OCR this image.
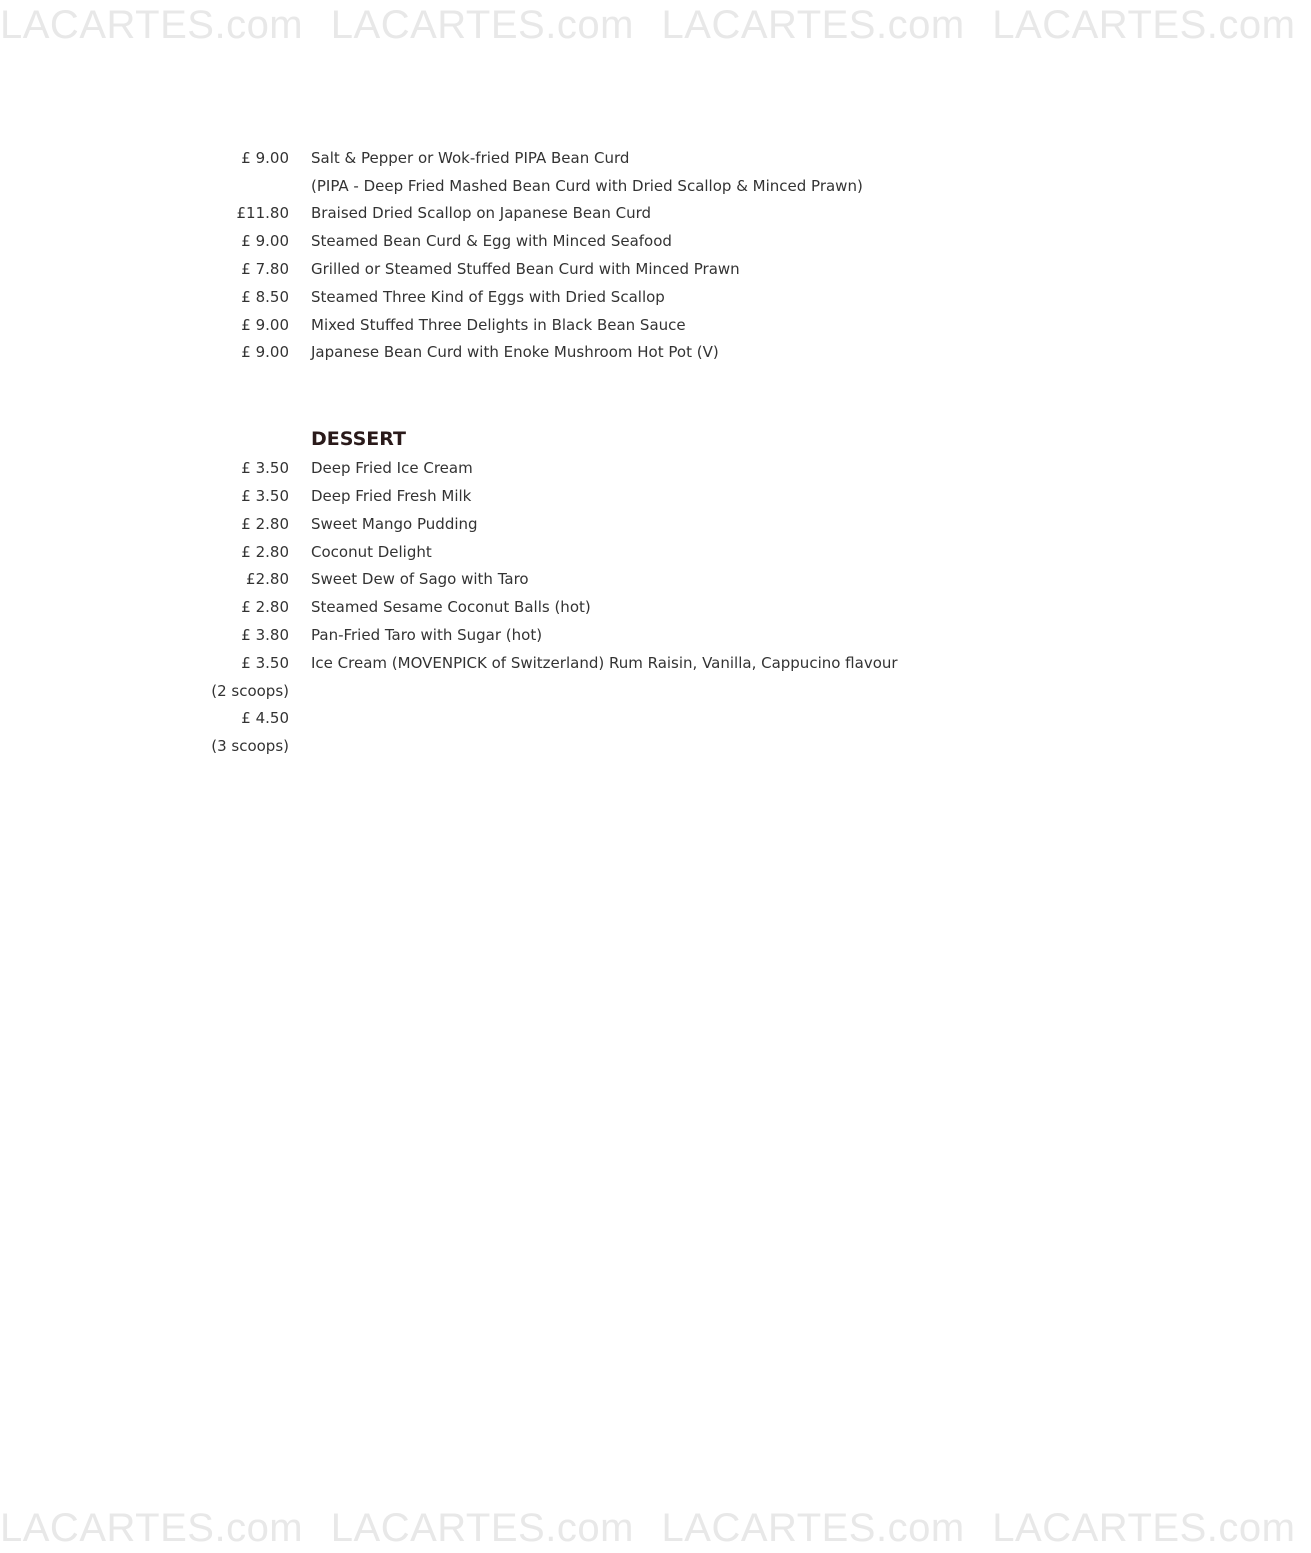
LACARTES.com LACARTES.com LACARTES.com LACARTES.com
£ 9.00 Salt & Pepper or Wok-fried PIPA Bean Curd
(PIPA - Deep Fried Mashed Bean Curd with Dried Scallop & Minced Prawn)
£11.80 Braised Dried Scallop on Japanese Bean Curd
£ 9.00 Steamed Bean Curd & Egg with Minced Seafood
£ 7.80 Grilled or Steamed Stuffed Bean Curd with Minced Prawn
£ 8.50 Steamed Three Kind of Eggs with Dried Scallop
£ 9.00 Mixed Stuffed Three Delights in Black Bean Sauce
£ 9.00 Japanese Bean Curd with Enoke Mushroom Hot Pot (V)
DESSERT
£ 3.50 Deep Fried Ice Cream
£ 3.50 Deep Fried Fresh Milk
£ 2.80 Sweet Mango Pudding
£ 2.80 Coconut Delight
£2.80 Sweet Dew of Sago with Taro
£ 2.80 Steamed Sesame Coconut Balls (hot)
£ 3.80 Pan-Fried Taro with Sugar (hot)
£ 3.50 Ice Cream (MOVENPICK of Switzerland) Rum Raisin, Vanilla, Cappucino flavour
(2 scoops)
£ 4.50
(3 scoops)
LACARTES.com LACARTES.com LACARTES.com LACARTES.com
